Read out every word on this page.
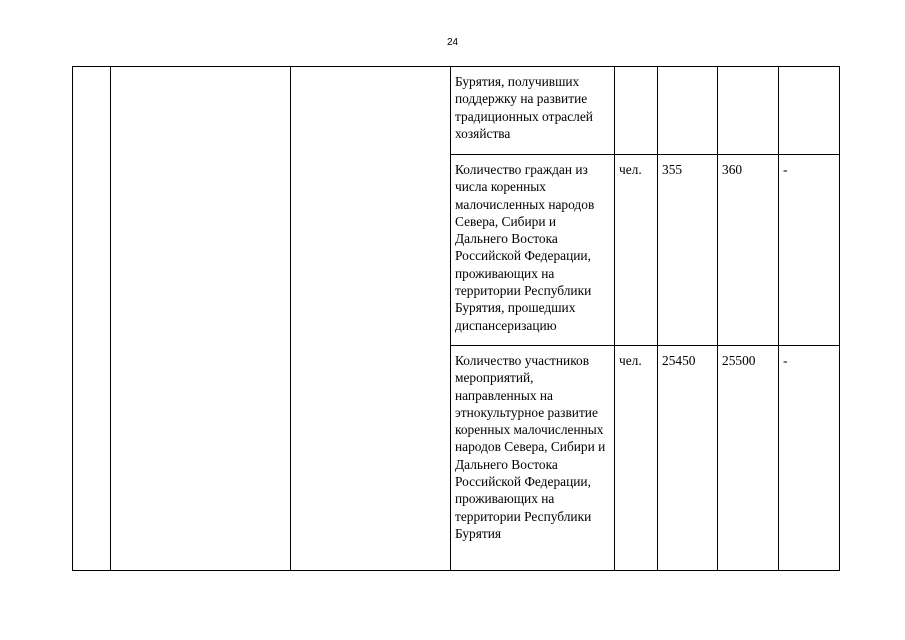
24
			Бурятия, получивших поддержку на развитие традиционных отраслей хозяйства				
			Количество граждан из числа коренных малочисленных народов Севера, Сибири и Дальнего Востока Российской Федерации, проживающих на территории Республики Бурятия, прошедших диспансеризацию	чел.	355	360	-
			Количество участников мероприятий, направленных на этнокультурное развитие коренных малочисленных народов Севера, Сибири и Дальнего Востока Российской Федерации, проживающих на территории Республики Бурятия	чел.	25450	25500	-
